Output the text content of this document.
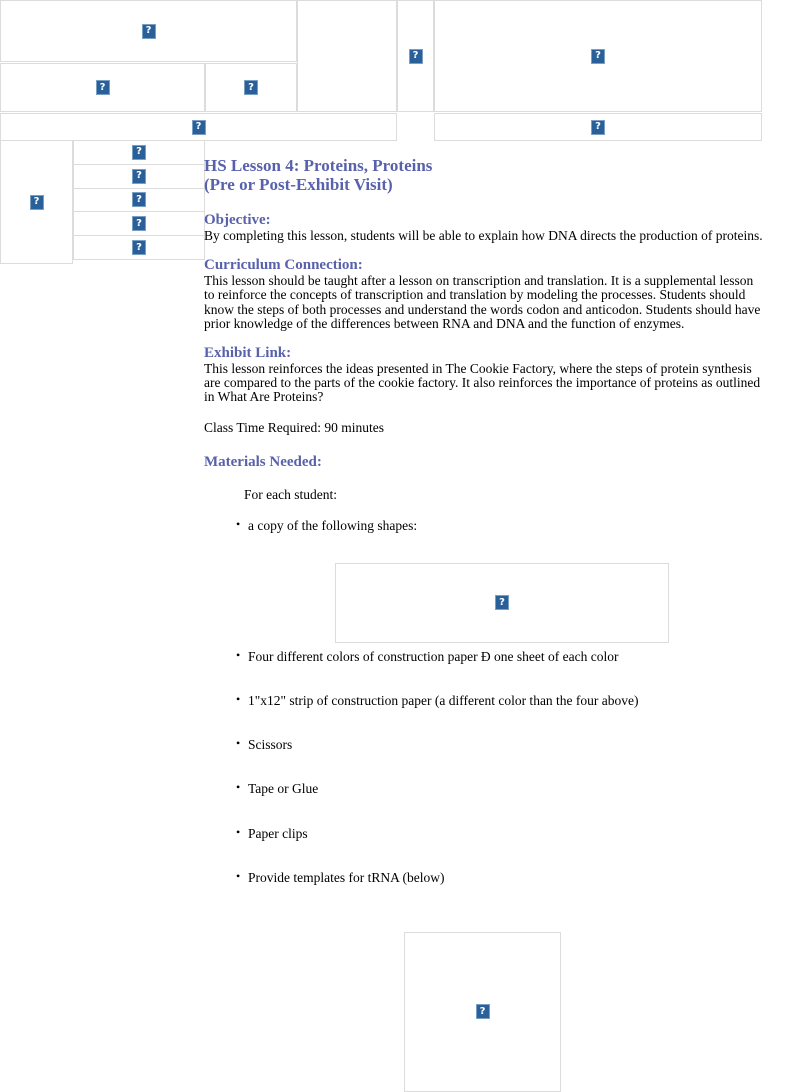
?
?
?
?
?
?
?
?
?
?
?
?
?
HS Lesson 4: Proteins, Proteins
(Pre or Post-Exhibit Visit)
Objective:

By completing this lesson, students will be able to explain how DNA directs the production of proteins.

Curriculum Connection:

This lesson should be taught after a lesson on transcription and translation. It is a supplemental lesson to reinforce the concepts of transcription and translation by modeling the processes. Students should know the steps of both processes and understand the words codon and anticodon. Students should have prior knowledge of the differences between RNA and DNA and the function of enzymes.

Exhibit Link:

This lesson reinforces the ideas presented in The Cookie Factory, where the steps of protein synthesis are compared to the parts of the cookie factory. It also reinforces the importance of proteins as outlined in What Are Proteins?

Class Time Required: 90 minutes

Materials Needed:

For each student:

• a copy of the following shapes:
?
• Four different colors of construction paper Ð one sheet of each color
• 1"x12" strip of construction paper (a different color than the four above)
• Scissors
• Tape or Glue
• Paper clips
• Provide templates for tRNA (below)
?
